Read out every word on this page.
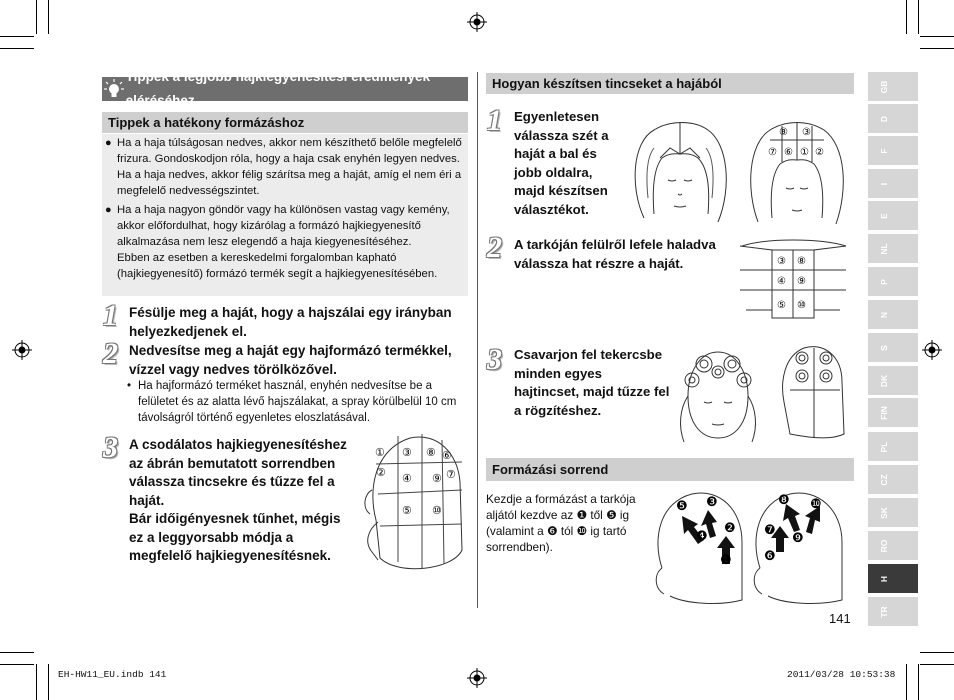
Tippek a legjobb hajkiegyenesítési eredmények eléréséhez
Tippek a hatékony formázáshoz
● Ha a haja túlságosan nedves, akkor nem készíthető belőle megfelelő frizura. Gondoskodjon róla, hogy a haja csak enyhén legyen nedves. Ha a haja nedves, akkor félig szárítsa meg a haját, amíg el nem éri a megfelelő nedvességszintet.
● Ha a haja nagyon göndör vagy ha különösen vastag vagy kemény, akkor előfordulhat, hogy kizárólag a formázó hajkiegyenesítő alkalmazása nem lesz elegendő a haja kiegyenesítéséhez.
Ebben az esetben a kereskedelmi forgalomban kapható (hajkiegyenesítő) formázó termék segít a hajkiegyenesítésében.
1 Fésülje meg a haját, hogy a hajszálai egy irányban helyezkedjenek el.
2 Nedvesítse meg a haját egy hajformázó termékkel, vízzel vagy nedves törölközővel.
• Ha hajformázó terméket használ, enyhén nedvesítse be a felületet és az alatta lévő hajszálakat, a spray körülbelül 10 cm távolságról történő egyenletes eloszlatásával.
3 A csodálatos hajkiegyenesítéshez az ábrán bemutatott sorrendben válassza tincsekre és tűzze fel a haját.
Bár időigényesnek tűnhet, mégis ez a leggyorsabb módja a megfelelő hajkiegyenesítésnek.
① ③ ⑧ ⑥
② ④ ⑨ ⑦
⑤ ⑩
Hogyan készítsen tincseket a hajából
1 Egyenletesen válassza szét a haját a bal és jobb oldalra, majd készítsen választékot.
⑧ ③
⑦ ⑥ ① ②
2 A tarkóján felülről lefele haladva válassza hat részre a haját.	③ ⑧
④ ⑨
⑤ ⑩
3 Csavarjon fel tekercsbe minden egyes hajtincset, majd tűzze fel a rögzítéshez.
Formázási sorrend
Kezdje a formázást a tarkója aljától kezdve az ❶ től ❺ ig (valamint a ❻ tól ❿ ig tartó sorrendben).
❺ ❸
❹
❷
❶
❽ ❿
❼
❾
❻
141
GB
D
F
I
E
NL
P
N
S
DK
FIN
PL
CZ
SK
RO
H
TR
EH-HW11_EU.indb 141	2011/03/28 10:53:38
